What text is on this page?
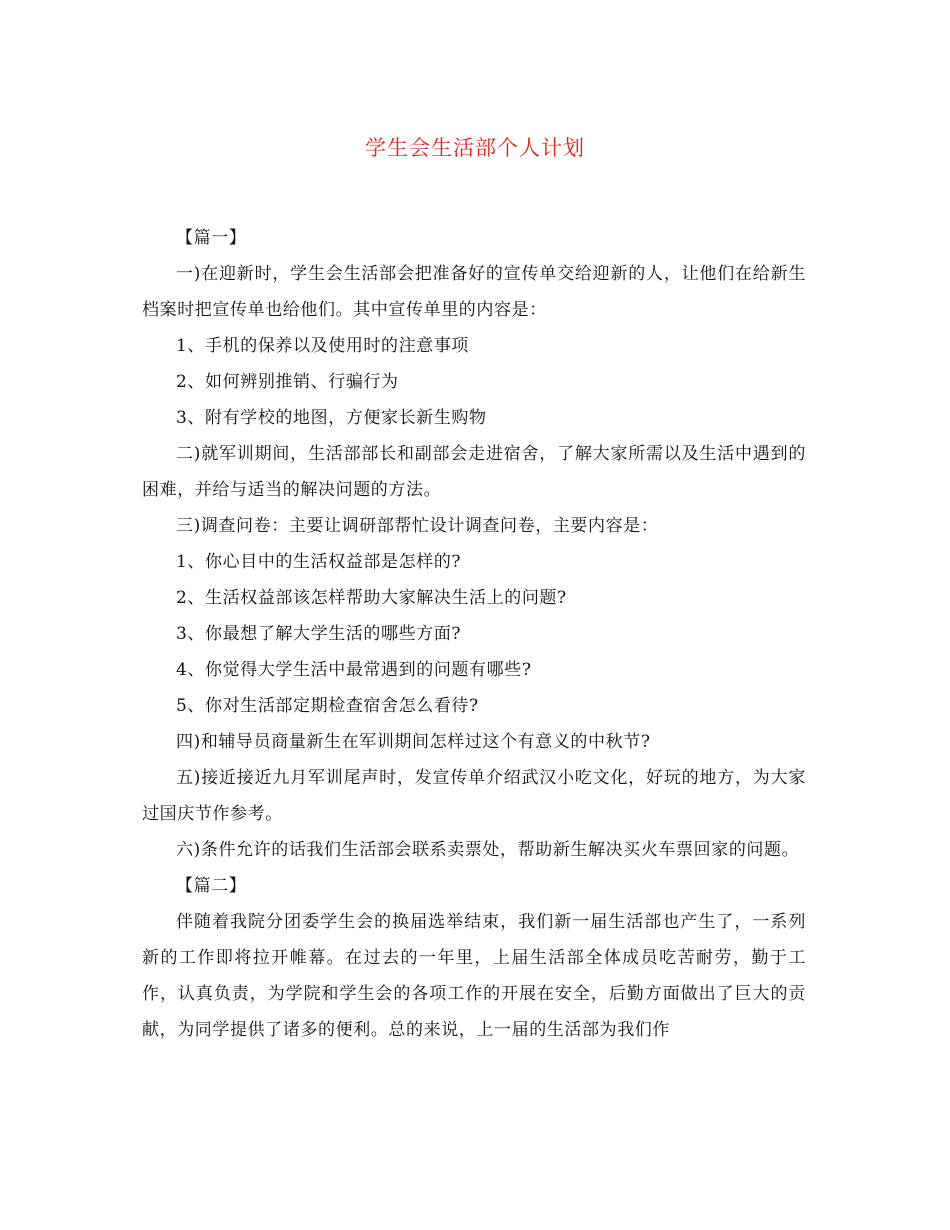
学生会生活部个人计划

【篇一】

一)在迎新时，学生会生活部会把准备好的宣传单交给迎新的人，让他们在给新生档案时把宣传单也给他们。其中宣传单里的内容是：

1、手机的保养以及使用时的注意事项

2、如何辨别推销、行骗行为

3、附有学校的地图，方便家长新生购物

二)就军训期间，生活部部长和副部会走进宿舍，了解大家所需以及生活中遇到的困难，并给与适当的解决问题的方法。

三)调查问卷：主要让调研部帮忙设计调查问卷，主要内容是：

1、你心目中的生活权益部是怎样的?

2、生活权益部该怎样帮助大家解决生活上的问题?

3、你最想了解大学生活的哪些方面?

4、你觉得大学生活中最常遇到的问题有哪些?

5、你对生活部定期检查宿舍怎么看待?

四)和辅导员商量新生在军训期间怎样过这个有意义的中秋节?

五)接近接近九月军训尾声时，发宣传单介绍武汉小吃文化，好玩的地方，为大家过国庆节作参考。

六)条件允许的话我们生活部会联系卖票处，帮助新生解决买火车票回家的问题。

【篇二】

伴随着我院分团委学生会的换届选举结束，我们新一届生活部也产生了，一系列新的工作即将拉开帷幕。在过去的一年里，上届生活部全体成员吃苦耐劳，勤于工作，认真负责，为学院和学生会的各项工作的开展在安全，后勤方面做出了巨大的贡献，为同学提供了诸多的便利。总的来说，上一届的生活部为我们作
